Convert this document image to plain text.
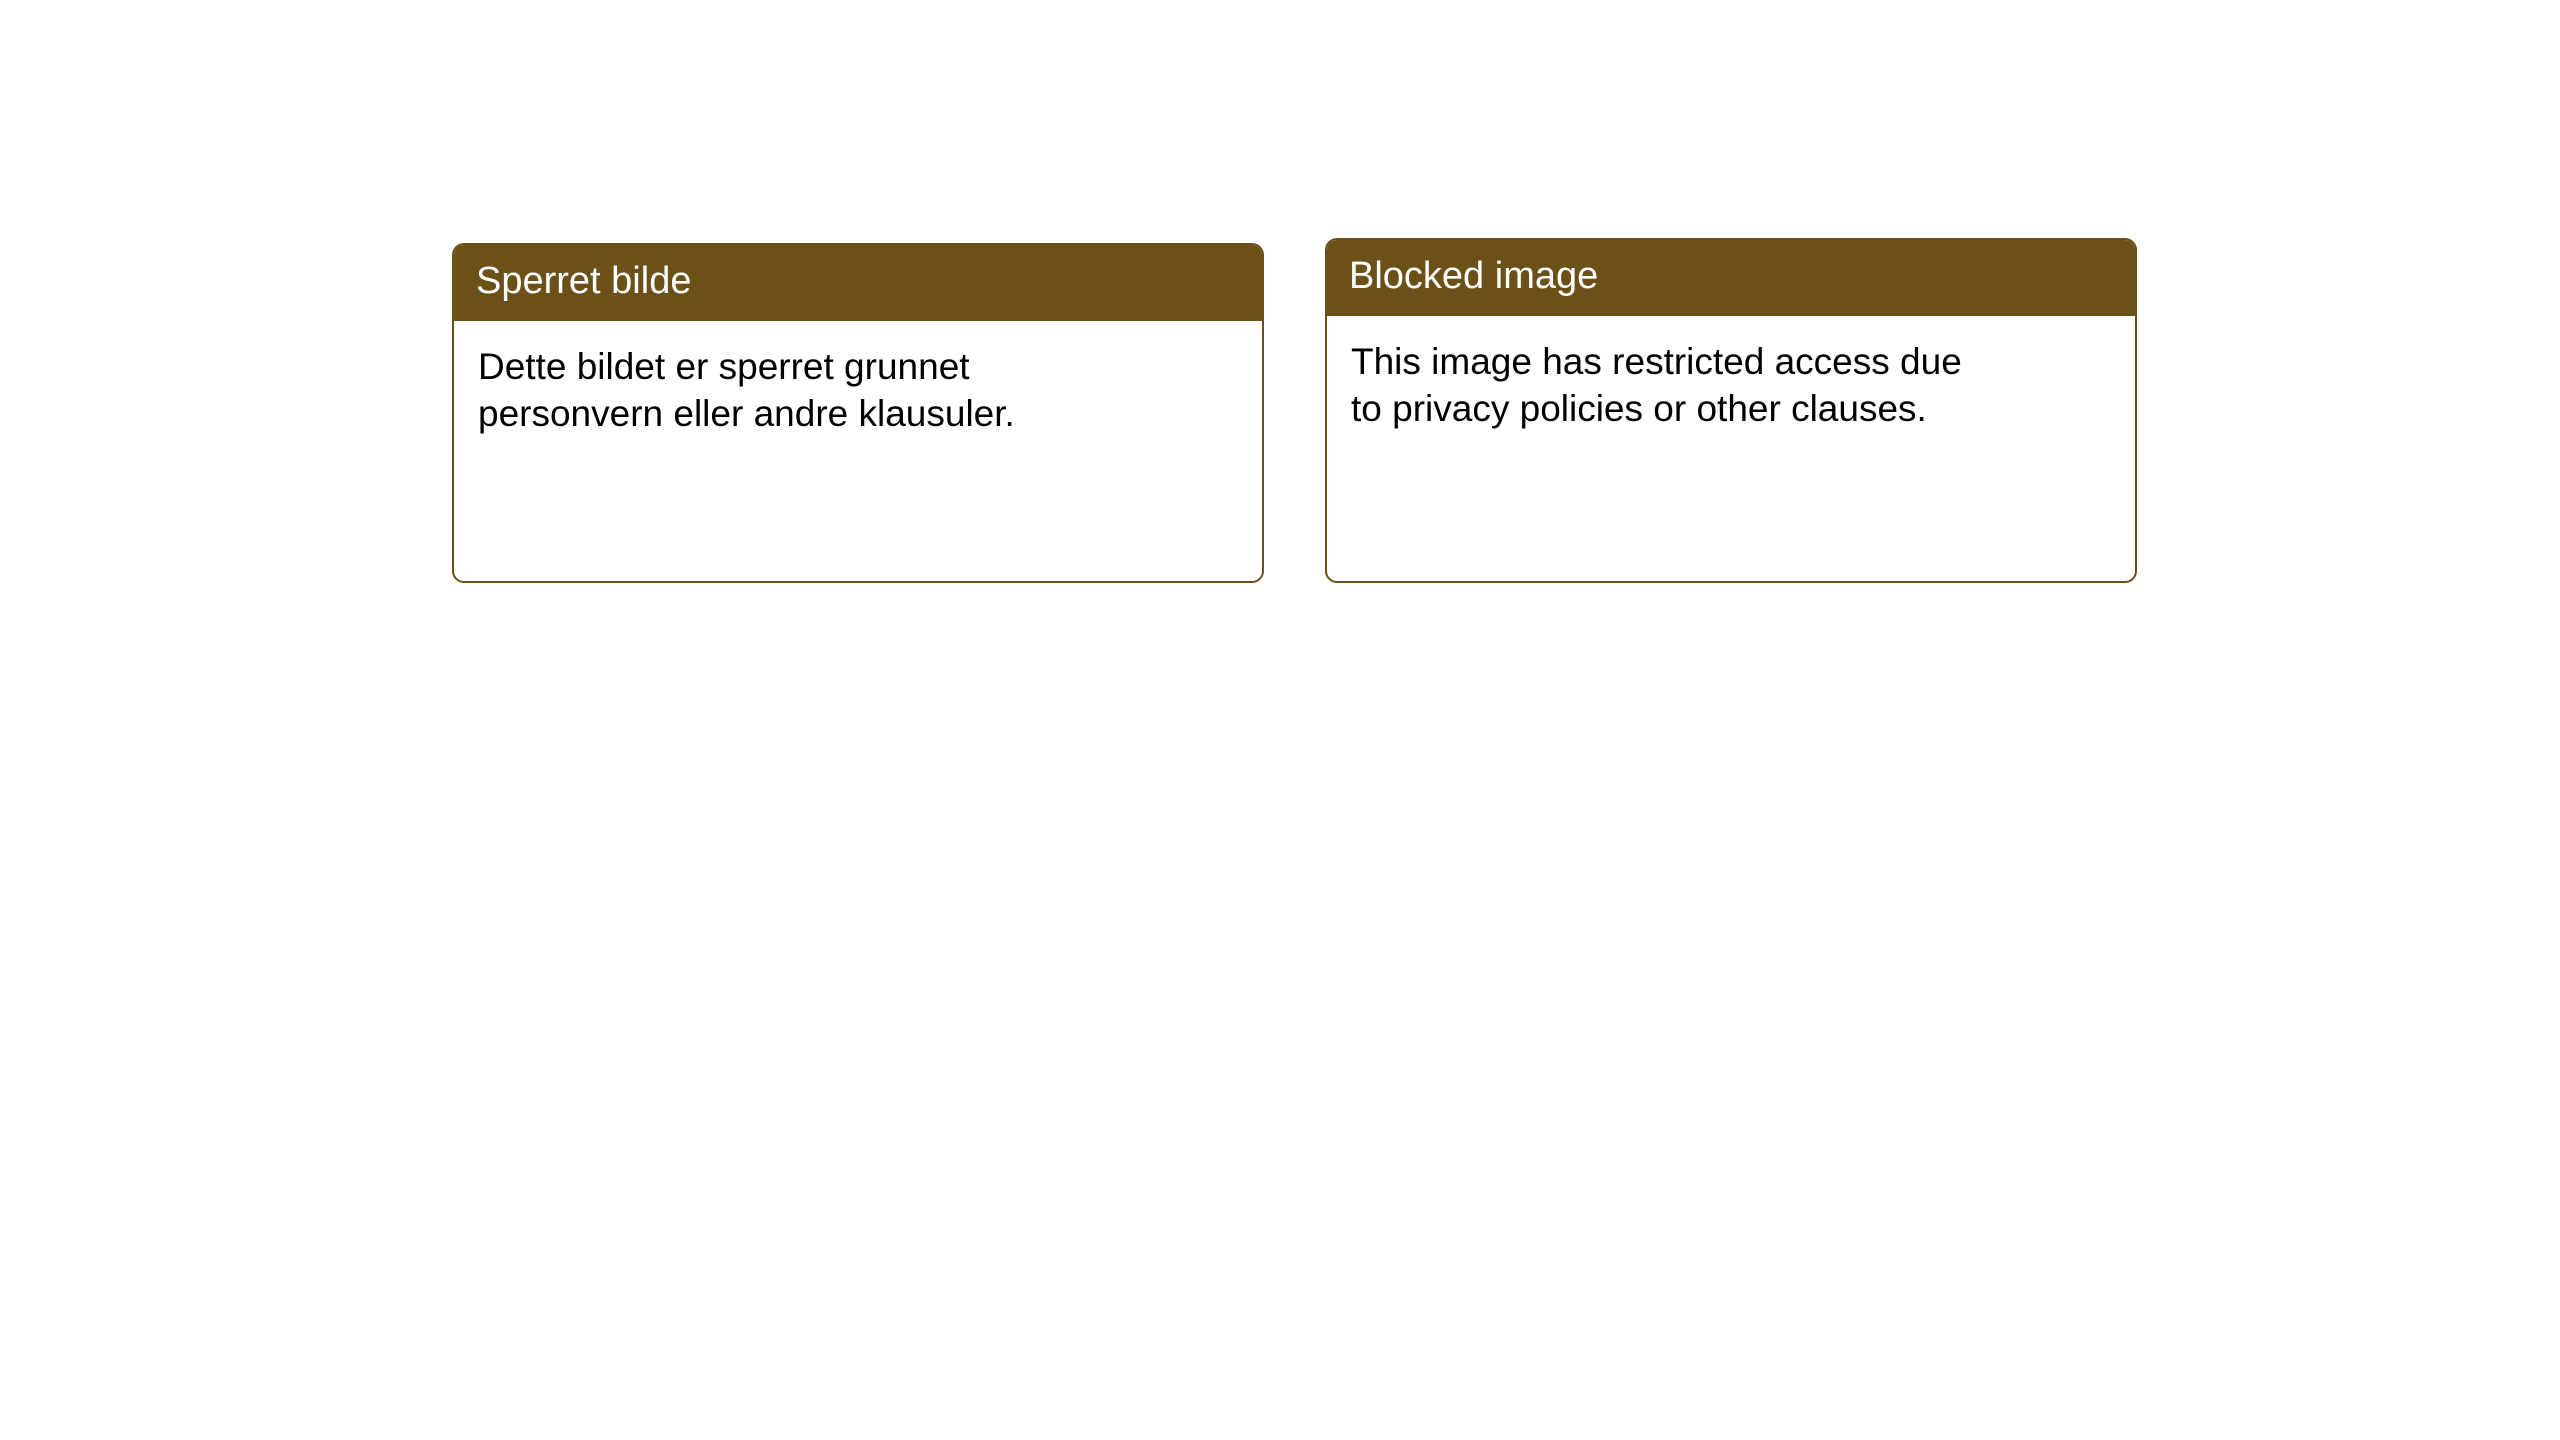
Sperret bilde
Dette bildet er sperret grunnet personvern eller andre klausuler.
Blocked image
This image has restricted access due to privacy policies or other clauses.
